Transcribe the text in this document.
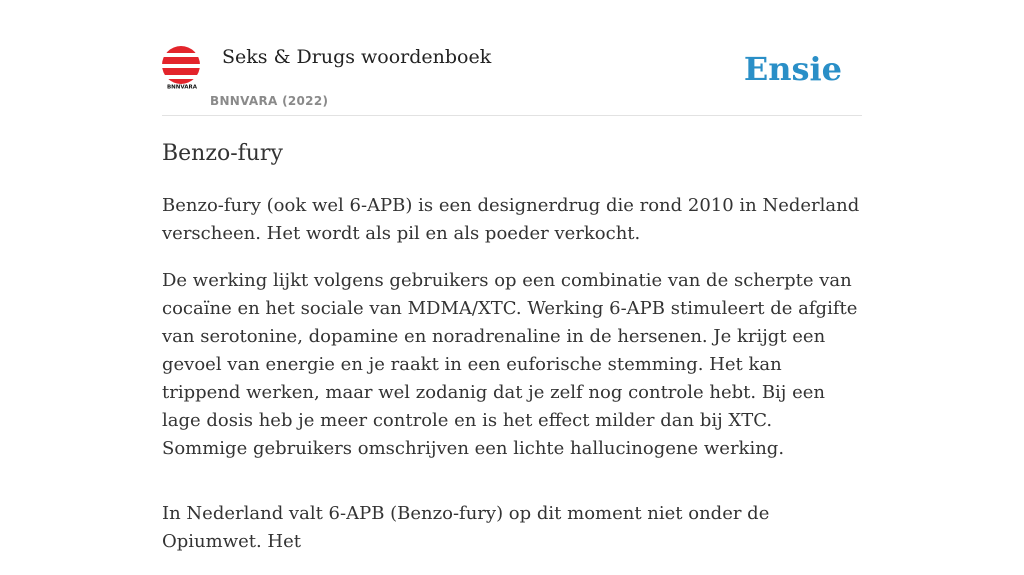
BNNVARA
Seks & Drugs woordenboek
BNNVARA (2022)
Ensie
Benzo-fury

Benzo-fury (ook wel 6-APB) is een designerdrug die rond 2010 in Nederland verscheen. Het wordt als pil en als poeder verkocht.

De werking lijkt volgens gebruikers op een combinatie van de scherpte van cocaïne en het sociale van MDMA/XTC. Werking 6-APB stimuleert de afgifte van serotonine, dopamine en noradrenaline in de hersenen. Je krijgt een gevoel van energie en je raakt in een euforische stemming. Het kan trippend werken, maar wel zodanig dat je zelf nog controle hebt. Bij een lage dosis heb je meer controle en is het effect milder dan bij XTC. Sommige gebruikers omschrijven een lichte hallucinogene werking.

In Nederland valt 6-APB (Benzo-fury) op dit moment niet onder de Opiumwet. Het
